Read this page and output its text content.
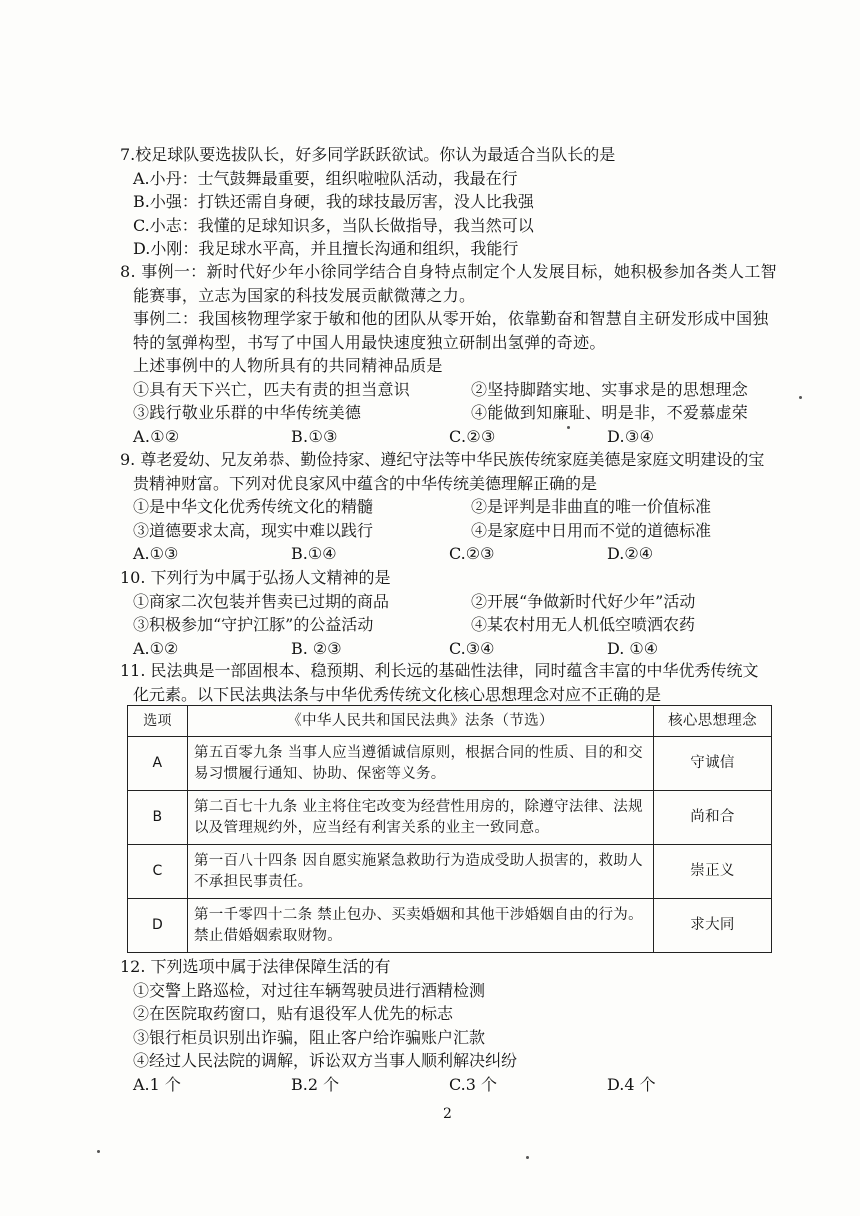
7.校足球队要选拔队长，好多同学跃跃欲试。你认为最适合当队长的是
A.小丹：士气鼓舞最重要，组织啦啦队活动，我最在行
B.小强：打铁还需自身硬，我的球技最厉害，没人比我强
C.小志：我懂的足球知识多，当队长做指导，我当然可以
D.小刚：我足球水平高，并且擅长沟通和组织，我能行
8. 事例一：新时代好少年小徐同学结合自身特点制定个人发展目标，她积极参加各类人工智
能赛事，立志为国家的科技发展贡献微薄之力。
事例二：我国核物理学家于敏和他的团队从零开始，依靠勤奋和智慧自主研发形成中国独
特的氢弹构型，书写了中国人用最快速度独立研制出氢弹的奇迹。
上述事例中的人物所具有的共同精神品质是
①具有天下兴亡，匹夫有责的担当意识	②坚持脚踏实地、实事求是的思想理念
③践行敬业乐群的中华传统美德	④能做到知廉耻、明是非，不爱慕虚荣
A.①②	B.①③	C.②③	D.③④
9. 尊老爱幼、兄友弟恭、勤俭持家、遵纪守法等中华民族传统家庭美德是家庭文明建设的宝
贵精神财富。下列对优良家风中蕴含的中华传统美德理解正确的是
①是中华文化优秀传统文化的精髓	②是评判是非曲直的唯一价值标准
③道德要求太高，现实中难以践行	④是家庭中日用而不觉的道德标准
A.①③	B.①④	C.②③	D.②④
10. 下列行为中属于弘扬人文精神的是
①商家二次包装并售卖已过期的商品	②开展“争做新时代好少年”活动
③积极参加“守护江豚”的公益活动	④某农村用无人机低空喷洒农药
A.①②	B. ②③	C.③④	D. ①④
11. 民法典是一部固根本、稳预期、利长远的基础性法律，同时蕴含丰富的中华优秀传统文
化元素。以下民法典法条与中华优秀传统文化核心思想理念对应不正确的是
选项	《中华人民共和国民法典》法条（节选）	核心思想理念
A	第五百零九条 当事人应当遵循诚信原则，根据合同的性质、目的和交易习惯履行通知、协助、保密等义务。	守诚信
B	第二百七十九条 业主将住宅改变为经营性用房的，除遵守法律、法规以及管理规约外，应当经有利害关系的业主一致同意。	尚和合
C	第一百八十四条 因自愿实施紧急救助行为造成受助人损害的，救助人不承担民事责任。	崇正义
D	第一千零四十二条 禁止包办、买卖婚姻和其他干涉婚姻自由的行为。禁止借婚姻索取财物。	求大同
12. 下列选项中属于法律保障生活的有
①交警上路巡检，对过往车辆驾驶员进行酒精检测
②在医院取药窗口，贴有退役军人优先的标志
③银行柜员识别出诈骗，阻止客户给诈骗账户汇款
④经过人民法院的调解，诉讼双方当事人顺利解决纠纷
A.1 个	B.2 个	C.3 个	D.4 个
2
